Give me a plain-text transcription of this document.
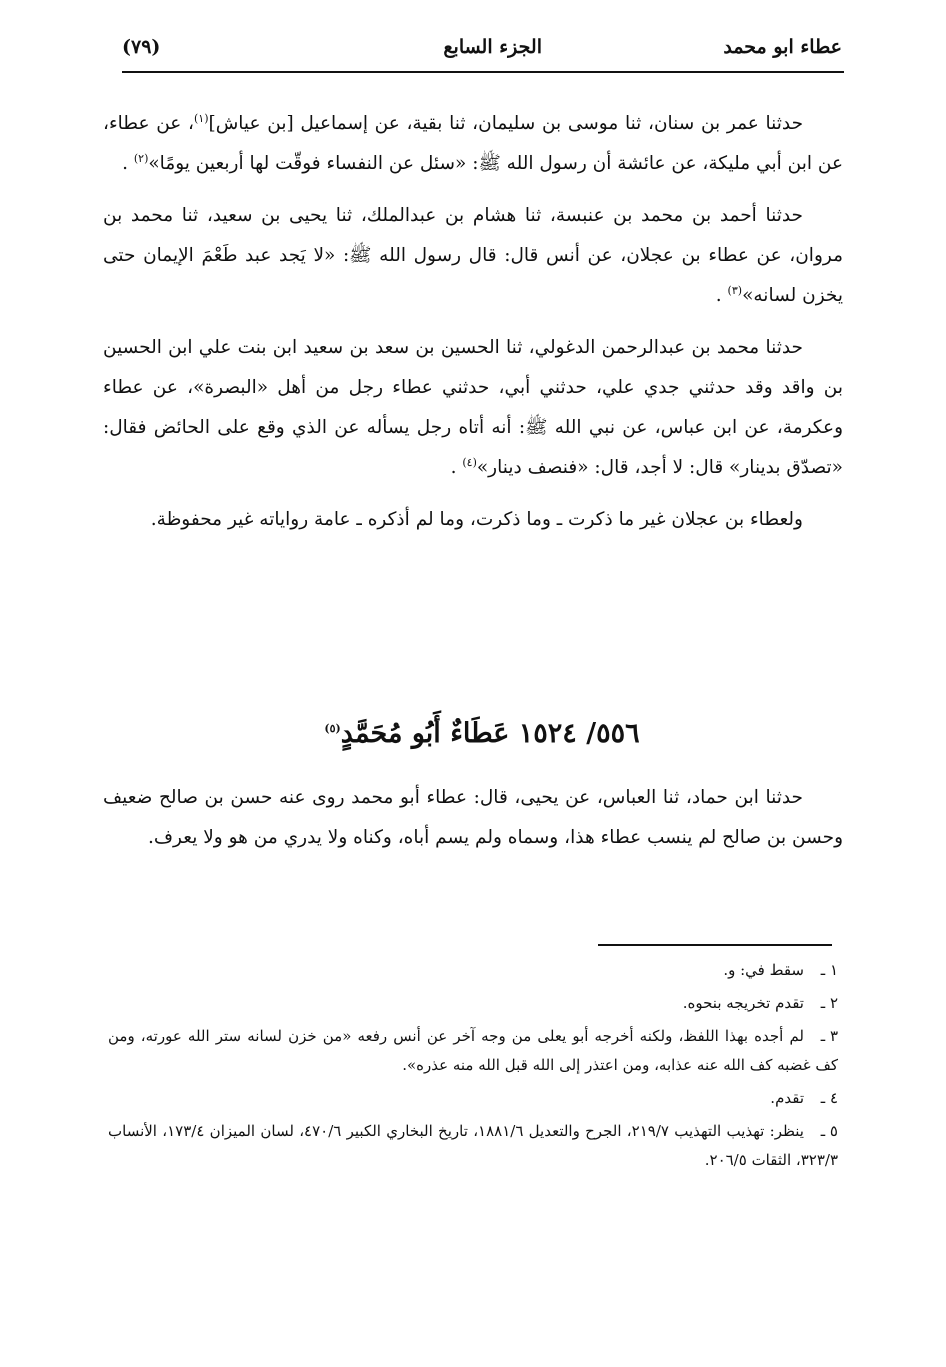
عطاء ابو محمد
الجزء السابع
(٧٩)

حدثنا عمر بن سنان، ثنا موسى بن سليمان، ثنا بقية، عن إسماعيل [بن عياش]$^{(١)}$، عن عطاء، عن ابن أبي مليكة، عن عائشة أن رسول الله ﷺ: «سئل عن النفساء فوقّت لها أربعين يومًا»$^{(٢)}$ .

حدثنا أحمد بن محمد بن عنبسة، ثنا هشام بن عبدالملك، ثنا يحيى بن سعيد، ثنا محمد بن مروان، عن عطاء بن عجلان، عن أنس قال: قال رسول الله ﷺ: «لا يَجد عبد طَعْمَ الإيمان حتى يخزن لسانه»$^{(٣)}$ .

حدثنا محمد بن عبدالرحمن الدغولي، ثنا الحسين بن سعد بن سعيد ابن بنت علي ابن الحسين بن واقد وقد حدثني جدي علي، حدثني أبي، حدثني عطاء رجل من أهل «البصرة»، عن عطاء وعكرمة، عن ابن عباس، عن نبي الله ﷺ: أنه أتاه رجل يسأله عن الذي وقع على الحائض فقال: «تصدّق بدينار» قال: لا أجد، قال: «فنصف دينار»$^{(٤)}$ .

ولعطاء بن عجلان غير ما ذكرت ـ وما ذكرت، وما لم أذكره ـ عامة رواياته غير محفوظة.

٥٥٦/ ١٥٢٤ عَطَاءٌ أَبُو مُحَمَّدٍ$^{(٥)}$

حدثنا ابن حماد، ثنا العباس، عن يحيى، قال: عطاء أبو محمد روى عنه حسن بن صالح ضعيف وحسن بن صالح لم ينسب عطاء هذا، وسماه ولم يسم أباه، وكناه ولا يدري من هو ولا يعرف.

١ ـسقط في: و.
٢ ـتقدم تخريجه بنحوه.
٣ ـلم أجده بهذا اللفظ، ولكنه أخرجه أبو يعلى من وجه آخر عن أنس رفعه «من خزن لسانه ستر الله عورته، ومن كف غضبه كف الله عنه عذابه، ومن اعتذر إلى الله قبل الله منه عذره».
٤ ـتقدم.
٥ ـينظر: تهذيب التهذيب ٢١٩/٧، الجرح والتعديل ١٨٨١/٦، تاريخ البخاري الكبير ٤٧٠/٦، لسان الميزان ١٧٣/٤، الأنساب ٣٢٣/٣، الثقات ٢٠٦/٥.
